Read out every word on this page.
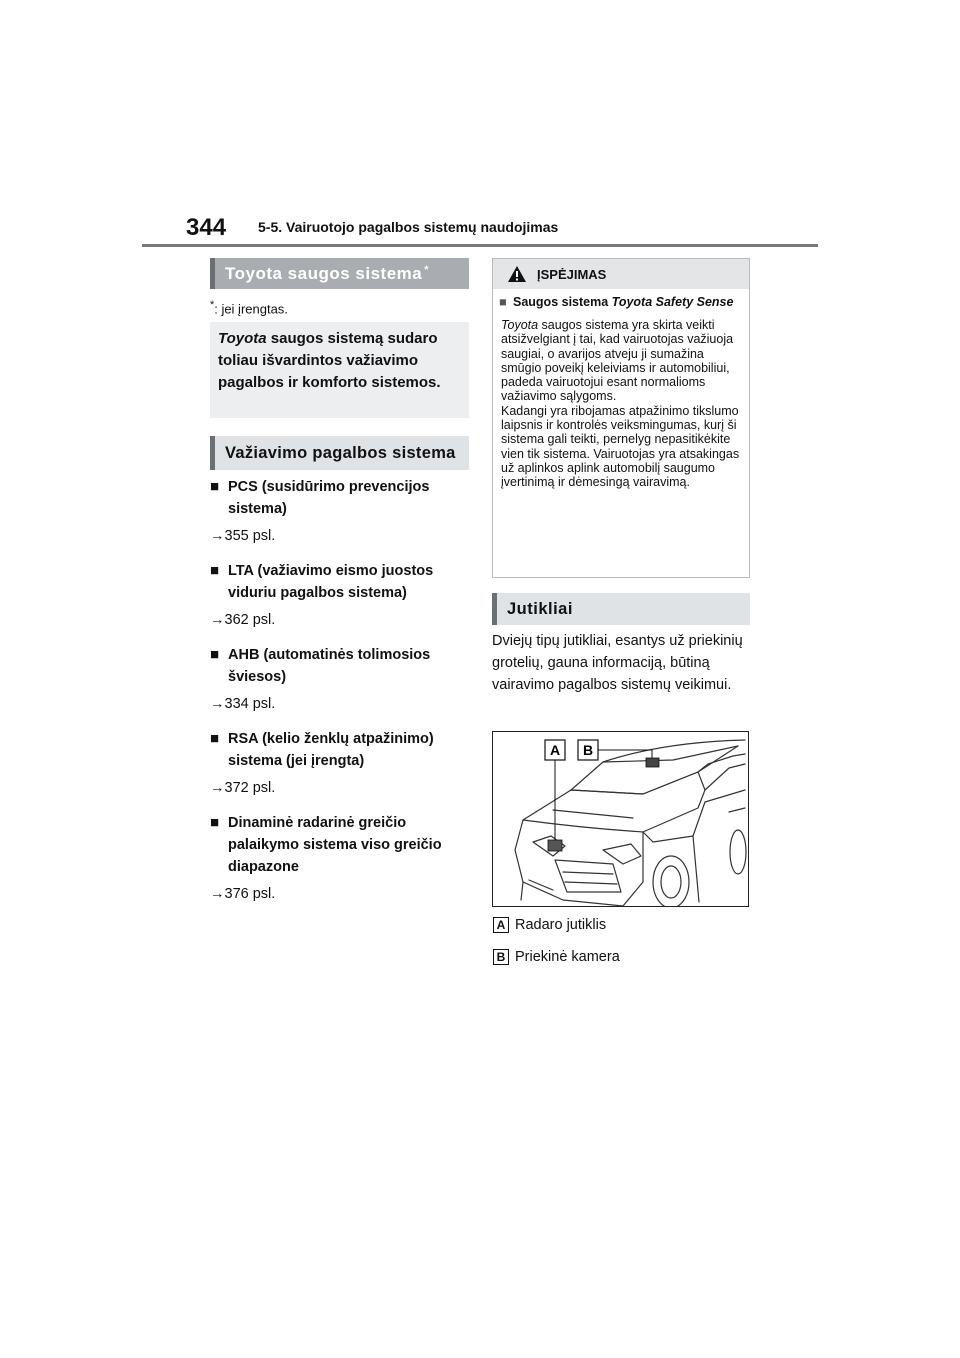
344 5-5. Vairuotojo pagalbos sistemų naudojimas
Toyota saugos sistema*
*: jei įrengtas.
Toyota saugos sistemą sudaro toliau išvardintos važiavimo pagalbos ir komforto sistemos.
Važiavimo pagalbos sistema
■ PCS (susidūrimo prevencijos sistema)
→355 psl.
■ LTA (važiavimo eismo juostos viduriu pagalbos sistema)
→362 psl.
■ AHB (automatinės tolimosios šviesos)
→334 psl.
■ RSA (kelio ženklų atpažinimo) sistema (jei įrengta)
→372 psl.
■ Dinaminė radarinė greičio palaikymo sistema viso greičio diapazone
→376 psl.
ĮSPĖJIMAS
■ Saugos sistema Toyota Safety Sense
Toyota saugos sistema yra skirta veikti atsižvelgiant į tai, kad vairuotojas važiuoja saugiai, o avarijos atveju ji sumažina smūgio poveikį keleiviams ir automobiliui, padeda vairuotojui esant normalioms važiavimo sąlygoms.
Kadangi yra ribojamas atpažinimo tikslumo laipsnis ir kontrolės veiksmingumas, kurį ši sistema gali teikti, pernelyg nepasitikėkite vien tik sistema. Vairuotojas yra atsakingas už aplinkos aplink automobilį saugumo įvertinimą ir dėmesingą vairavimą.
Jutikliai
Dviejų tipų jutikliai, esantys už priekinių grotelių, gauna informaciją, būtiną vairavimo pagalbos sistemų veikimui.
A B
A Radaro jutiklis
B Priekinė kamera
